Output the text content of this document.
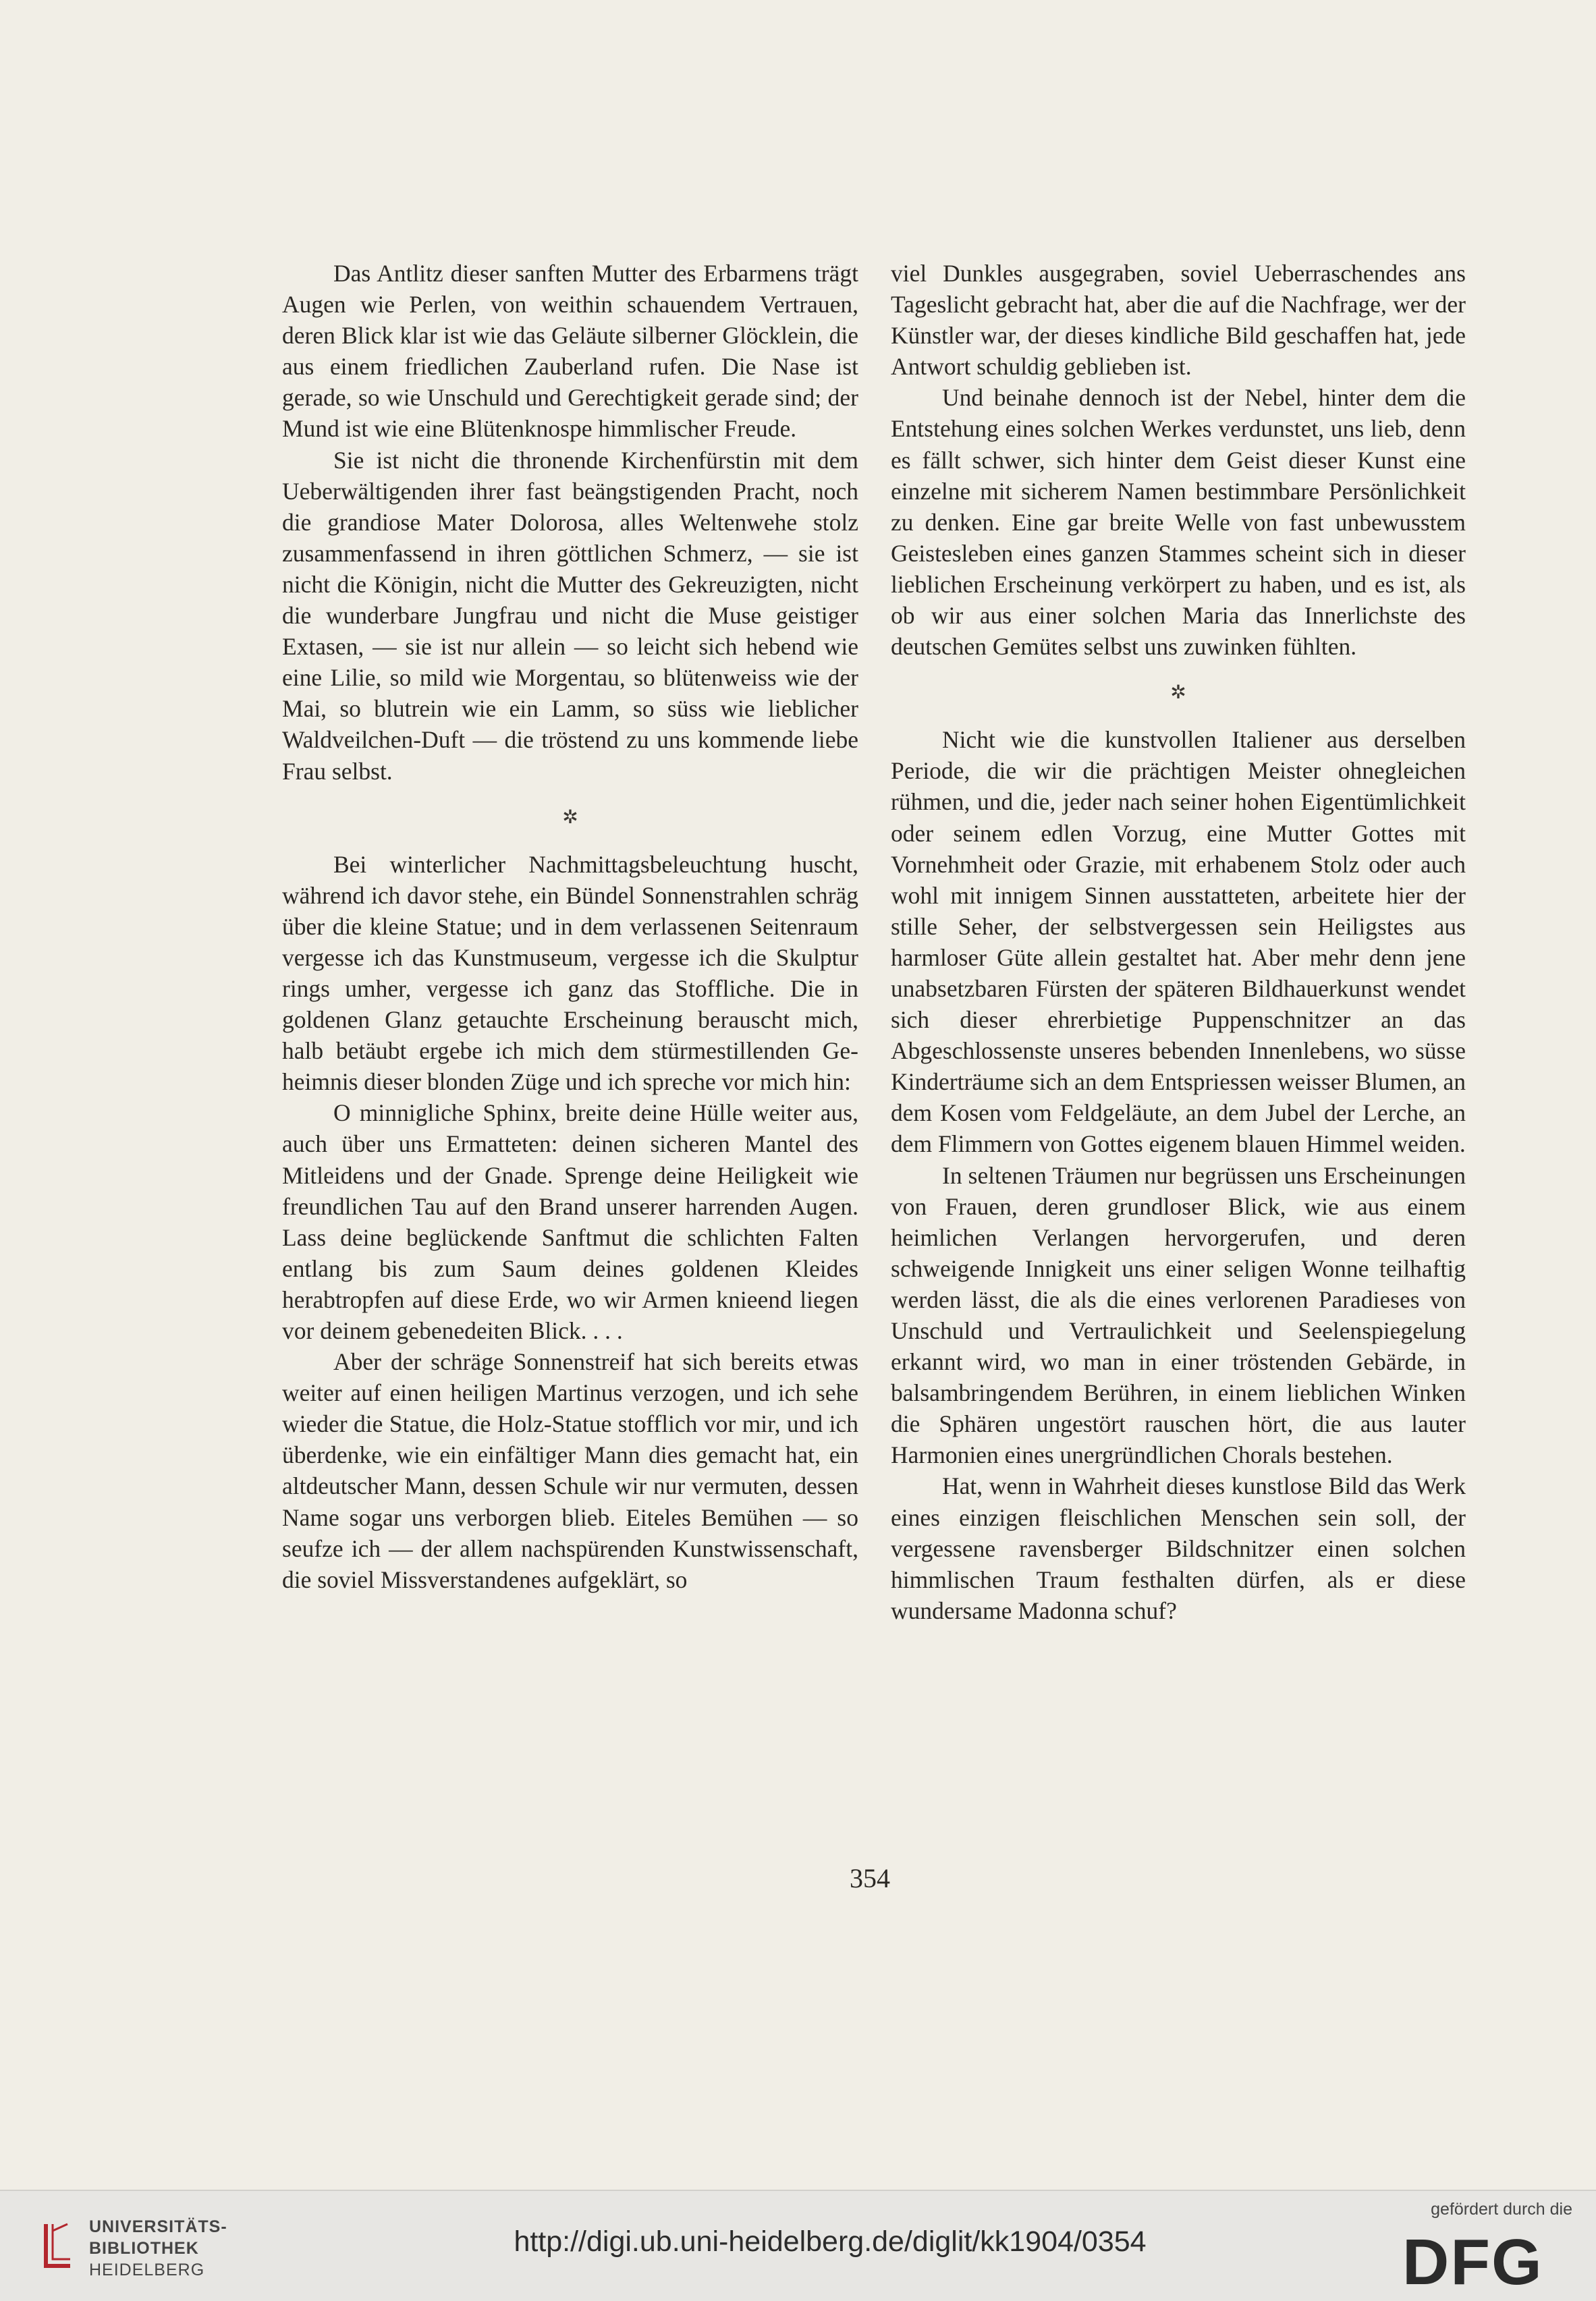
Das Antlitz dieser sanften Mutter des Erbarmens trägt Augen wie Perlen, von weithin schauendem Vertrauen, deren Blick klar ist wie das Geläute silberner Glöcklein, die aus einem friedlichen Zauberland rufen. Die Nase ist gerade, so wie Unschuld und Gerechtigkeit gerade sind; der Mund ist wie eine Blütenknospe himmlischer Freude.

Sie ist nicht die thronende Kirchenfürstin mit dem Ueberwältigenden ihrer fast beängstigenden Pracht, noch die grandiose Mater Dolorosa, alles Weltenwehe stolz zusammenfassend in ihren göttlichen Schmerz, — sie ist nicht die Königin, nicht die Mutter des Gekreuzigten, nicht die wunderbare Jungfrau und nicht die Muse geistiger Extasen, — sie ist nur allein — so leicht sich hebend wie eine Lilie, so mild wie Morgentau, so blütenweiss wie der Mai, so blutrein wie ein Lamm, so süss wie lieblicher Waldveilchen-Duft — die tröstend zu uns kommende liebe Frau selbst.

✲

Bei winterlicher Nachmittagsbeleuchtung huscht, während ich davor stehe, ein Bündel Sonnenstrahlen schräg über die kleine Statue; und in dem verlassenen Seitenraum vergesse ich das Kunstmuseum, vergesse ich die Skulptur rings umher, vergesse ich ganz das Stoffliche. Die in goldenen Glanz getauchte Erscheinung berauscht mich, halb betäubt ergebe ich mich dem stürmestillenden Geheimnis dieser blonden Züge und ich spreche vor mich hin:

O minnigliche Sphinx, breite deine Hülle weiter aus, auch über uns Ermatteten: deinen sicheren Mantel des Mitleidens und der Gnade. Sprenge deine Heiligkeit wie freundlichen Tau auf den Brand unserer harrenden Augen. Lass deine beglückende Sanftmut die schlichten Falten entlang bis zum Saum deines goldenen Kleides herabtropfen auf diese Erde, wo wir Armen knieend liegen vor deinem gebenedeiten Blick. . . .

Aber der schräge Sonnenstreif hat sich bereits etwas weiter auf einen heiligen Martinus verzogen, und ich sehe wieder die Statue, die Holz-Statue stofflich vor mir, und ich überdenke, wie ein einfältiger Mann dies gemacht hat, ein altdeutscher Mann, dessen Schule wir nur vermuten, dessen Name sogar uns verborgen blieb. Eiteles Bemühen — so seufze ich — der allem nachspürenden Kunstwissenschaft, die soviel Missverstandenes aufgeklärt, so

viel Dunkles ausgegraben, soviel Ueberraschendes ans Tageslicht gebracht hat, aber die auf die Nachfrage, wer der Künstler war, der dieses kindliche Bild geschaffen hat, jede Antwort schuldig geblieben ist.

Und beinahe dennoch ist der Nebel, hinter dem die Entstehung eines solchen Werkes verdunstet, uns lieb, denn es fällt schwer, sich hinter dem Geist dieser Kunst eine einzelne mit sicherem Namen bestimmbare Persönlichkeit zu denken. Eine gar breite Welle von fast unbewusstem Geistesleben eines ganzen Stammes scheint sich in dieser lieblichen Erscheinung verkörpert zu haben, und es ist, als ob wir aus einer solchen Maria das Innerlichste des deutschen Gemütes selbst uns zuwinken fühlten.

✲

Nicht wie die kunstvollen Italiener aus derselben Periode, die wir die prächtigen Meister ohnegleichen rühmen, und die, jeder nach seiner hohen Eigentümlichkeit oder seinem edlen Vorzug, eine Mutter Gottes mit Vornehmheit oder Grazie, mit erhabenem Stolz oder auch wohl mit innigem Sinnen ausstatteten, arbeitete hier der stille Seher, der selbstvergessen sein Heiligstes aus harmloser Güte allein gestaltet hat. Aber mehr denn jene unabsetzbaren Fürsten der späteren Bildhauerkunst wendet sich dieser ehrerbietige Puppenschnitzer an das Abgeschlossenste unseres bebenden Innenlebens, wo süsse Kinderträume sich an dem Entspriessen weisser Blumen, an dem Kosen vom Feldgeläute, an dem Jubel der Lerche, an dem Flimmern von Gottes eigenem blauen Himmel weiden.

In seltenen Träumen nur begrüssen uns Erscheinungen von Frauen, deren grundloser Blick, wie aus einem heimlichen Verlangen hervorgerufen, und deren schweigende Innigkeit uns einer seligen Wonne teilhaftig werden lässt, die als die eines verlorenen Paradieses von Unschuld und Vertraulichkeit und Seelenspiegelung erkannt wird, wo man in einer tröstenden Gebärde, in balsambringendem Berühren, in einem lieblichen Winken die Sphären ungestört rauschen hört, die aus lauter Harmonien eines unergründlichen Chorals bestehen.

Hat, wenn in Wahrheit dieses kunstlose Bild das Werk eines einzigen fleischlichen Menschen sein soll, der vergessene ravensberger Bildschnitzer einen solchen himmlischen Traum festhalten dürfen, als er diese wundersame Madonna schuf?

354
UNIVERSITÄTS-
BIBLIOTHEK
HEIDELBERG
http://digi.ub.uni-heidelberg.de/diglit/kk1904/0354
gefördert durch die
DFG
